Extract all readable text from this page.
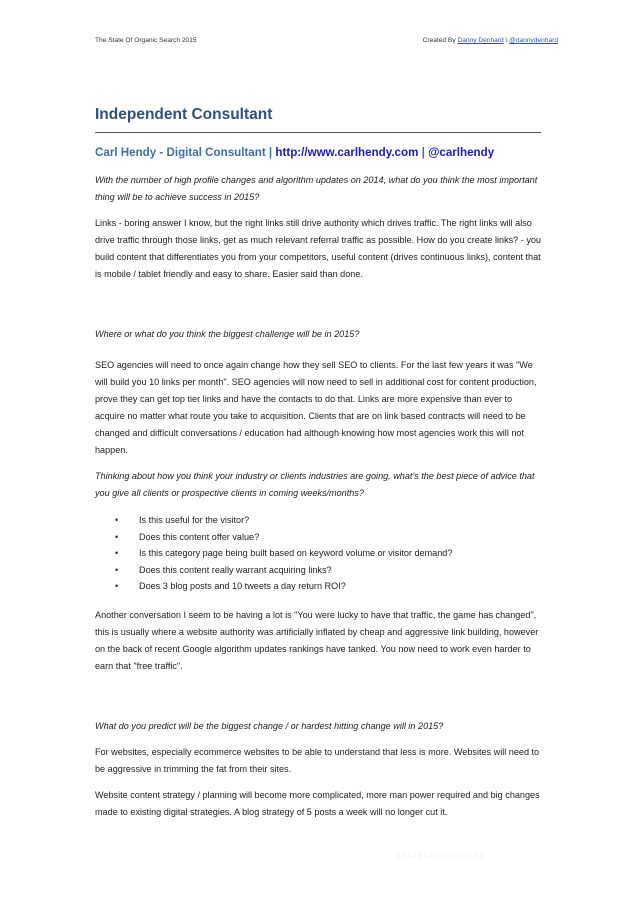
The State Of Organic Search 2015	Created By Danny Denhard \ @dannydenhard
Independent Consultant
Carl Hendy - Digital Consultant | http://www.carlhendy.com | @carlhendy

With the number of high profile changes and algorithm updates on 2014, what do you think the most important thing will be to achieve success in 2015?

Links - boring answer I know, but the right links still drive authority which drives traffic. The right links will also drive traffic through those links, get as much relevant referral traffic as possible. How do you create links? - you build content that differentiates you from your competitors, useful content (drives continuous links), content that is mobile / tablet friendly and easy to share. Easier said than done.

Where or what do you think the biggest challenge will be in 2015?

SEO agencies will need to once again change how they sell SEO to clients. For the last few years it was "We will build you 10 links per month". SEO agencies will now need to sell in additional cost for content production, prove they can get top tier links and have the contacts to do that. Links are more expensive than ever to acquire no matter what route you take to acquisition. Clients that are on link based contracts will need to be changed and difficult conversations / education had although knowing how most agencies work this will not happen.

Thinking about how you think your industry or clients industries are going, what's the best piece of advice that you give all clients or prospective clients in coming weeks/months?

•	Is this useful for the visitor?
•	Does this content offer value?
•	Is this category page being built based on keyword volume or visitor demand?
•	Does this content really warrant acquiring links?
•	Does 3 blog posts and 10 tweets a day return ROI?

Another conversation I seem to be having a lot is "You were lucky to have that traffic, the game has changed", this is usually where a website authority was artificially inflated by cheap and aggressive link building, however on the back of recent Google algorithm updates rankings have tanked. You now need to work even harder to earn that "free traffic".

What do you predict will be the biggest change / or hardest hitting change will in 2015?

For websites, especially ecommerce websites to be able to understand that less is more. Websites will need to be aggressive in trimming the fat from their sites.

Website content strategy / planning will become more complicated, more man power required and big changes made to existing digital strategies. A blog strategy of 5 posts a week will no longer cut it.

░░░░░░░░░░░░░░░░
